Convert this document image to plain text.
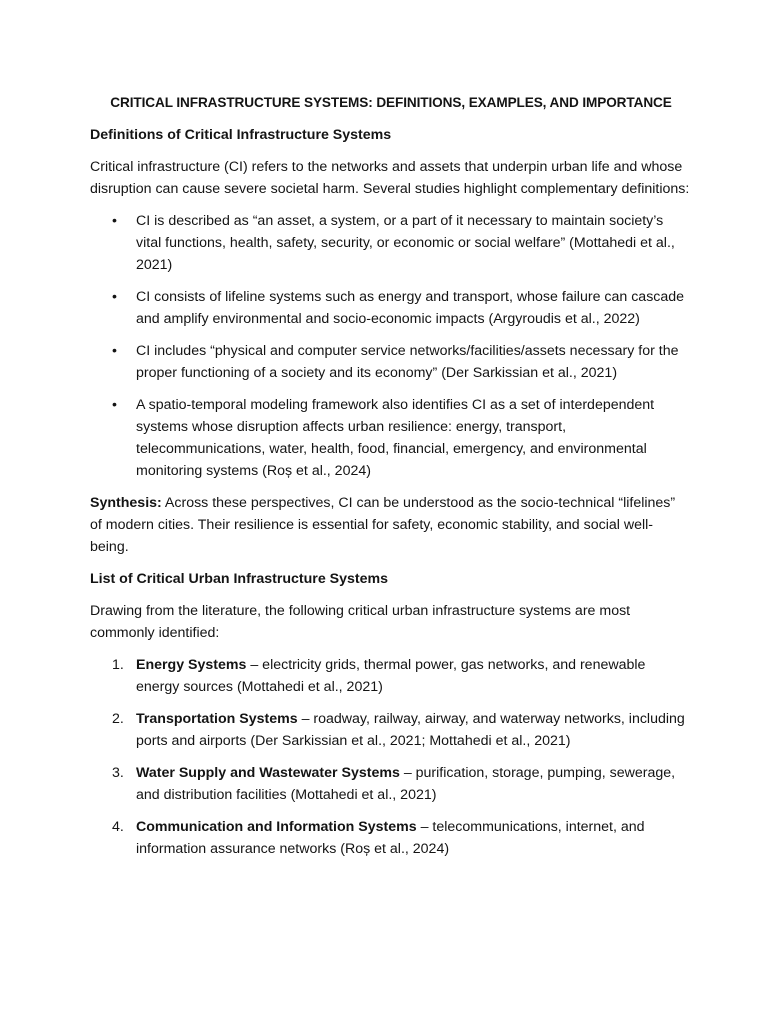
CRITICAL INFRASTRUCTURE SYSTEMS: DEFINITIONS, EXAMPLES, AND IMPORTANCE
Definitions of Critical Infrastructure Systems

Critical infrastructure (CI) refers to the networks and assets that underpin urban life and whose disruption can cause severe societal harm. Several studies highlight complementary definitions:

• CI is described as “an asset, a system, or a part of it necessary to maintain society’s vital functions, health, safety, security, or economic or social welfare” (Mottahedi et al., 2021)
• CI consists of lifeline systems such as energy and transport, whose failure can cascade and amplify environmental and socio-economic impacts (Argyroudis et al., 2022)
• CI includes “physical and computer service networks/facilities/assets necessary for the proper functioning of a society and its economy” (Der Sarkissian et al., 2021)
• A spatio-temporal modeling framework also identifies CI as a set of interdependent systems whose disruption affects urban resilience: energy, transport, telecommunications, water, health, food, financial, emergency, and environmental monitoring systems (Roș et al., 2024)

Synthesis: Across these perspectives, CI can be understood as the socio-technical “lifelines” of modern cities. Their resilience is essential for safety, economic stability, and social well-being.

List of Critical Urban Infrastructure Systems

Drawing from the literature, the following critical urban infrastructure systems are most commonly identified:

1. Energy Systems – electricity grids, thermal power, gas networks, and renewable energy sources (Mottahedi et al., 2021)
2. Transportation Systems – roadway, railway, airway, and waterway networks, including ports and airports (Der Sarkissian et al., 2021; Mottahedi et al., 2021)
3. Water Supply and Wastewater Systems – purification, storage, pumping, sewerage, and distribution facilities (Mottahedi et al., 2021)
4. Communication and Information Systems – telecommunications, internet, and information assurance networks (Roș et al., 2024)
